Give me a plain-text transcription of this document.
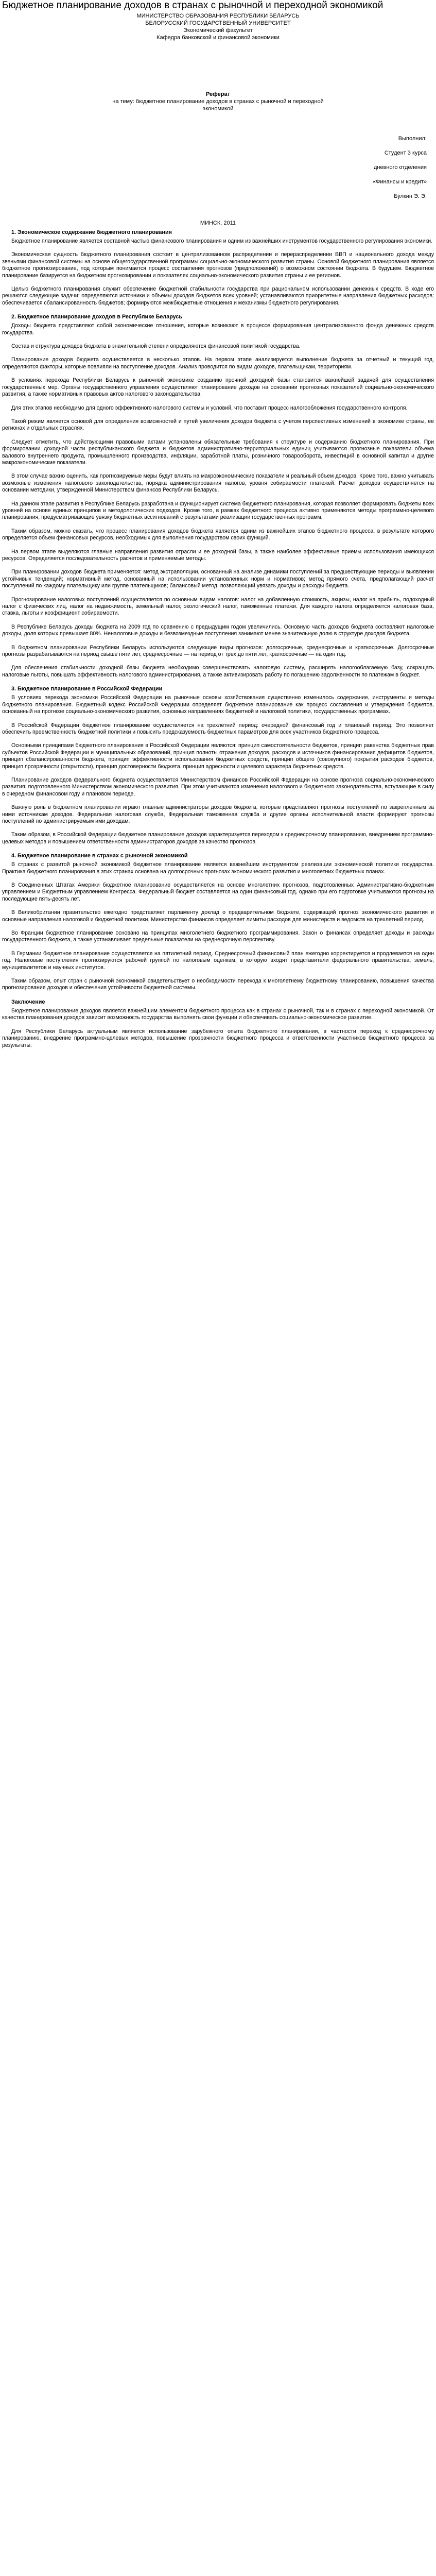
Бюджетное планирование доходов в странах с рыночной и переходной экономикой
МИНИСТЕРСТВО ОБРАЗОВАНИЯ РЕСПУБЛИКИ БЕЛАРУСЬ
БЕЛОРУССКИЙ ГОСУДАРСТВЕННЫЙ УНИВЕРСИТЕТ
Экономический факультет
Кафедра банковской и финансовой экономики
Реферат
на тему: бюджетное планирование доходов в странах с рыночной и переходной
экономикой
Выполнил:
Студент 3 курса
дневного отделения
«Финансы и кредит»
Булкин Э. Э.
МИНСК, 2011
1. Экономическое содержание бюджетного планирования

Бюджетное планирование является составной частью финансового планирования и одним из важнейших инструментов государственного регулирования экономики.

Экономическая сущность бюджетного планирования состоит в централизованном распределении и перераспределении ВВП и национального дохода между звеньями финансовой системы на основе общегосударственной программы социально-экономического развития страны. Основой бюджетного планирования является бюджетное прогнозирование, под которым понимается процесс составления прогнозов (предположений) о возможном состоянии бюджета. В будущем. Бюджетное планирование базируется на бюджетном прогнозировании и показателях социально-экономического развития страны и ее регионов.

Целью бюджетного планирования служит обеспечение бюджетной стабильности государства при рациональном использовании денежных средств. В ходе его решаются следующие задачи: определяются источники и объемы доходов бюджетов всех уровней; устанавливаются приоритетные направления бюджетных расходов; обеспечивается сбалансированность бюджетов; формируются межбюджетные отношения и механизмы бюджетного регулирования.

2. Бюджетное планирование доходов в Республике Беларусь

Доходы бюджета представляют собой экономические отношения, которые возникают в процессе формирования централизованного фонда денежных средств государства.

Состав и структура доходов бюджета в значительной степени определяются финансовой политикой государства.

Планирование доходов бюджета осуществляется в несколько этапов. На первом этапе анализируется выполнение бюджета за отчетный и текущий год, определяются факторы, которые повлияли на поступление доходов. Анализ проводится по видам доходов, плательщикам, территориям.

В условиях перехода Республики Беларусь к рыночной экономике созданию прочной доходной базы становится важнейшей задачей для осуществления государственных мер. Органы государственного управления осуществляют планирование доходов на основании прогнозных показателей социально-экономического развития, а также нормативных правовых актов налогового законодательства.

Для этих этапов необходимо для одного эффективного налогового системы и условий, что поставит процесс налогообложения государственного контроля.

Такой режим является основой для определения возможностей и путей увеличения доходов бюджета с учетом перспективных изменений в экономике страны, ее регионах и отдельных отраслях.

Следует отметить, что действующими правовыми актами установлены обязательные требования к структуре и содержанию бюджетного планирования. При формировании доходной части республиканского бюджета и бюджетов административно-территориальных единиц учитываются прогнозные показатели объема валового внутреннего продукта, промышленного производства, инфляции, заработной платы, розничного товарооборота, инвестиций в основной капитал и другие макроэкономические показатели.

В этом случае важно оценить, как прогнозируемые меры будут влиять на макроэкономические показатели и реальный объем доходов. Кроме того, важно учитывать возможные изменения налогового законодательства, порядка администрирования налогов, уровня собираемости платежей. Расчет доходов осуществляется на основании методики, утвержденной Министерством финансов Республики Беларусь.

На данном этапе развития в Республике Беларусь разработана и функционирует система бюджетного планирования, которая позволяет формировать бюджеты всех уровней на основе единых принципов и методологических подходов. Кроме того, в рамках бюджетного процесса активно применяются методы программно-целевого планирования, предусматривающие увязку бюджетных ассигнований с результатами реализации государственных программ.

Таким образом, можно сказать, что процесс планирования доходов бюджета является одним из важнейших этапов бюджетного процесса, в результате которого определяется объем финансовых ресурсов, необходимых для выполнения государством своих функций.

На первом этапе выделяются главные направления развития отрасли и ее доходной базы, а также наиболее эффективные приемы использования имеющихся ресурсов. Определяется последовательность расчетов и применяемые методы.

При планировании доходов бюджета применяется: метод экстраполяции, основанный на анализе динамики поступлений за предшествующие периоды и выявлении устойчивых тенденций; нормативный метод, основанный на использовании установленных норм и нормативов; метод прямого счета, предполагающий расчет поступлений по каждому плательщику или группе плательщиков; балансовый метод, позволяющий увязать доходы и расходы бюджета.

Прогнозирование налоговых поступлений осуществляется по основным видам налогов: налог на добавленную стоимость, акцизы, налог на прибыль, подоходный налог с физических лиц, налог на недвижимость, земельный налог, экологический налог, таможенные платежи. Для каждого налога определяется налоговая база, ставка, льготы и коэффициент собираемости.

В Республике Беларусь доходы бюджета на 2009 год по сравнению с предыдущим годом увеличились. Основную часть доходов бюджета составляют налоговые доходы, доля которых превышает 80%. Неналоговые доходы и безвозмездные поступления занимают менее значительную долю в структуре доходов бюджета.

В бюджетном планировании Республики Беларусь используются следующие виды прогнозов: долгосрочные, среднесрочные и краткосрочные. Долгосрочные прогнозы разрабатываются на период свыше пяти лет, среднесрочные — на период от трех до пяти лет, краткосрочные — на один год.

Для обеспечения стабильности доходной базы бюджета необходимо совершенствовать налоговую систему, расширять налогооблагаемую базу, сокращать налоговые льготы, повышать эффективность налогового администрирования, а также активизировать работу по погашению задолженности по платежам в бюджет.

3. Бюджетное планирование в Российской Федерации

В условиях перехода экономики Российской Федерации на рыночные основы хозяйствования существенно изменилось содержание, инструменты и методы бюджетного планирования. Бюджетный кодекс Российской Федерации определяет бюджетное планирование как процесс составления и утверждения бюджетов, основанный на прогнозе социально-экономического развития, основных направлениях бюджетной и налоговой политики, государственных программах.

В Российской Федерации бюджетное планирование осуществляется на трехлетний период: очередной финансовый год и плановый период. Это позволяет обеспечить преемственность бюджетной политики и повысить предсказуемость бюджетных параметров для всех участников бюджетного процесса.

Основными принципами бюджетного планирования в Российской Федерации являются: принцип самостоятельности бюджетов, принцип равенства бюджетных прав субъектов Российской Федерации и муниципальных образований, принцип полноты отражения доходов, расходов и источников финансирования дефицитов бюджетов, принцип сбалансированности бюджета, принцип эффективности использования бюджетных средств, принцип общего (совокупного) покрытия расходов бюджетов, принцип прозрачности (открытости), принцип достоверности бюджета, принцип адресности и целевого характера бюджетных средств.

Планирование доходов федерального бюджета осуществляется Министерством финансов Российской Федерации на основе прогноза социально-экономического развития, подготовленного Министерством экономического развития. При этом учитываются изменения налогового и бюджетного законодательства, вступающие в силу в очередном финансовом году и плановом периоде.

Важную роль в бюджетном планировании играют главные администраторы доходов бюджета, которые представляют прогнозы поступлений по закрепленным за ними источникам доходов. Федеральная налоговая служба, Федеральная таможенная служба и другие органы исполнительной власти формируют прогнозы поступлений по администрируемым ими доходам.

Таким образом, в Российской Федерации бюджетное планирование доходов характеризуется переходом к среднесрочному планированию, внедрением программно-целевых методов и повышением ответственности администраторов доходов за качество прогнозов.

4. Бюджетное планирование в странах с рыночной экономикой

В странах с развитой рыночной экономикой бюджетное планирование является важнейшим инструментом реализации экономической политики государства. Практика бюджетного планирования в этих странах основана на долгосрочных прогнозах экономического развития и многолетних бюджетных планах.

В Соединенных Штатах Америки бюджетное планирование осуществляется на основе многолетних прогнозов, подготовленных Административно-бюджетным управлением и Бюджетным управлением Конгресса. Федеральный бюджет составляется на один финансовый год, однако при его подготовке учитываются прогнозы на последующие пять-десять лет.

В Великобритании правительство ежегодно представляет парламенту доклад о предварительном бюджете, содержащий прогноз экономического развития и основные направления налоговой и бюджетной политики. Министерство финансов определяет лимиты расходов для министерств и ведомств на трехлетний период.

Во Франции бюджетное планирование основано на принципах многолетнего бюджетного программирования. Закон о финансах определяет доходы и расходы государственного бюджета, а также устанавливает предельные показатели на среднесрочную перспективу.

В Германии бюджетное планирование осуществляется на пятилетний период. Среднесрочный финансовый план ежегодно корректируется и продлевается на один год. Налоговые поступления прогнозируются рабочей группой по налоговым оценкам, в которую входят представители федерального правительства, земель, муниципалитетов и научных институтов.

Таким образом, опыт стран с рыночной экономикой свидетельствует о необходимости перехода к многолетнему бюджетному планированию, повышения качества прогнозирования доходов и обеспечения устойчивости бюджетной системы.

Заключение

Бюджетное планирование доходов является важнейшим элементом бюджетного процесса как в странах с рыночной, так и в странах с переходной экономикой. От качества планирования доходов зависит возможность государства выполнять свои функции и обеспечивать социально-экономическое развитие.

Для Республики Беларусь актуальным является использование зарубежного опыта бюджетного планирования, в частности переход к среднесрочному планированию, внедрение программно-целевых методов, повышение прозрачности бюджетного процесса и ответственности участников бюджетного процесса за результаты.
